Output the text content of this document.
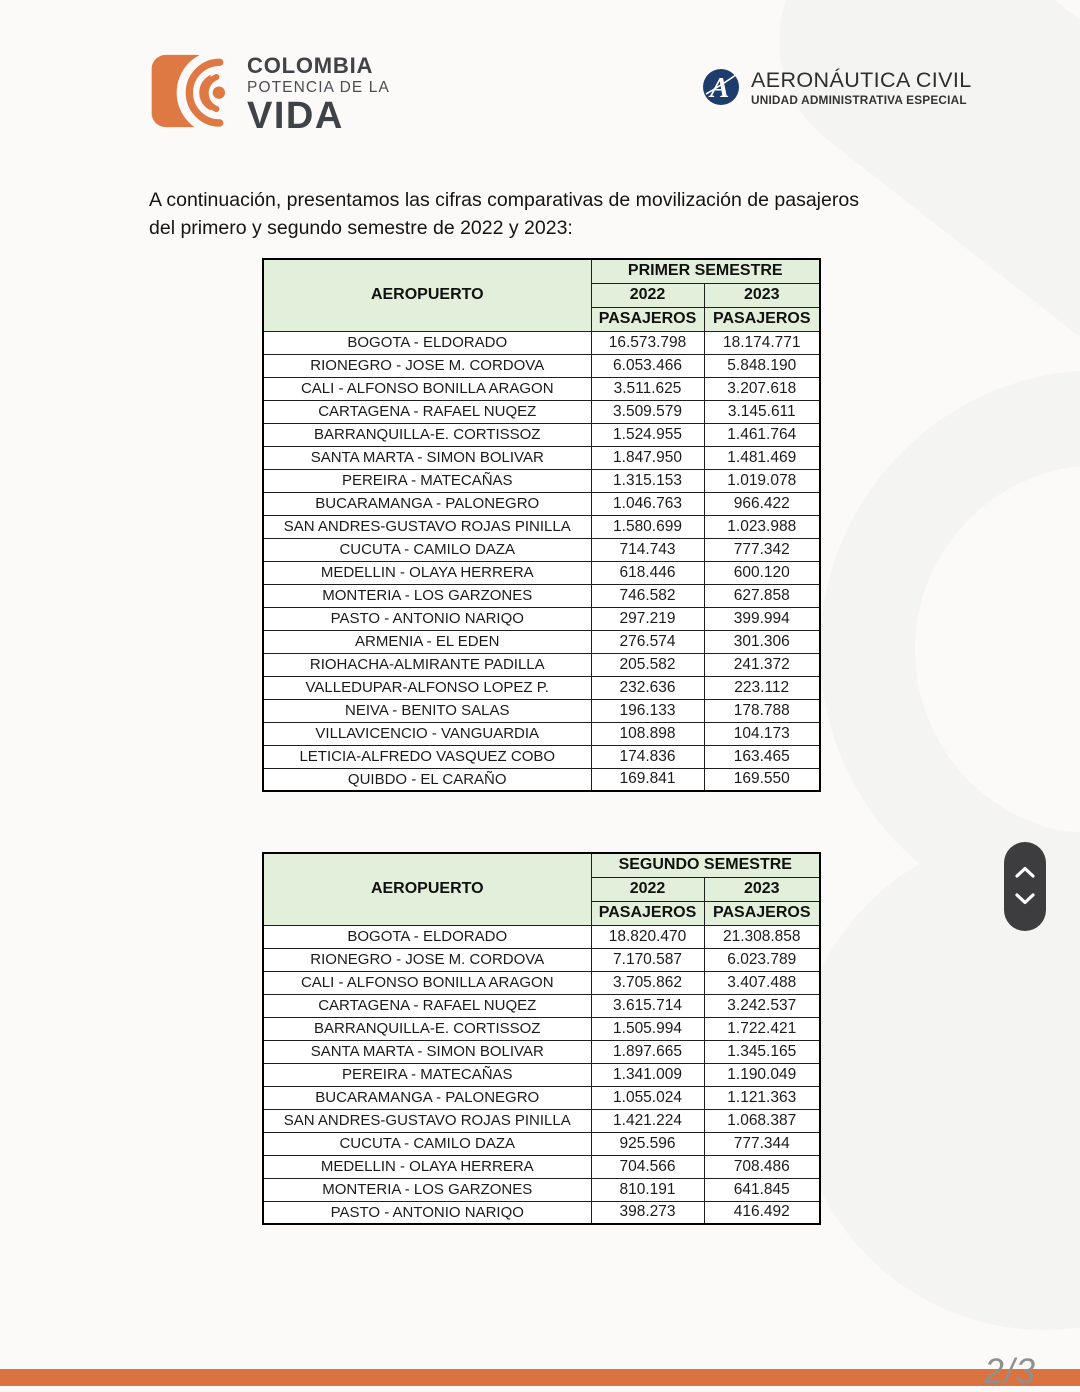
COLOMBIA
POTENCIA DE LA
VIDA
A AERONÁUTICA CIVIL
UNIDAD ADMINISTRATIVA ESPECIAL
A continuación, presentamos las cifras comparativas de movilización de pasajeros
del primero y segundo semestre de 2022 y 2023:
AEROPUERTO	PRIMER SEMESTRE	
	2022	2023
	PASAJEROS	PASAJEROS
BOGOTA - ELDORADO	16.573.798	18.174.771
RIONEGRO - JOSE M. CORDOVA	6.053.466	5.848.190
CALI - ALFONSO BONILLA ARAGON	3.511.625	3.207.618
CARTAGENA - RAFAEL NUQEZ	3.509.579	3.145.611
BARRANQUILLA-E. CORTISSOZ	1.524.955	1.461.764
SANTA MARTA - SIMON BOLIVAR	1.847.950	1.481.469
PEREIRA - MATECAÑAS	1.315.153	1.019.078
BUCARAMANGA - PALONEGRO	1.046.763	966.422
SAN ANDRES-GUSTAVO ROJAS PINILLA	1.580.699	1.023.988
CUCUTA - CAMILO DAZA	714.743	777.342
MEDELLIN - OLAYA HERRERA	618.446	600.120
MONTERIA - LOS GARZONES	746.582	627.858
PASTO - ANTONIO NARIQO	297.219	399.994
ARMENIA - EL EDEN	276.574	301.306
RIOHACHA-ALMIRANTE PADILLA	205.582	241.372
VALLEDUPAR-ALFONSO LOPEZ P.	232.636	223.112
NEIVA - BENITO SALAS	196.133	178.788
VILLAVICENCIO - VANGUARDIA	108.898	104.173
LETICIA-ALFREDO VASQUEZ COBO	174.836	163.465
QUIBDO - EL CARAÑO	169.841	169.550
AEROPUERTO	SEGUNDO SEMESTRE	
	2022	2023
	PASAJEROS	PASAJEROS
BOGOTA - ELDORADO	18.820.470	21.308.858
RIONEGRO - JOSE M. CORDOVA	7.170.587	6.023.789
CALI - ALFONSO BONILLA ARAGON	3.705.862	3.407.488
CARTAGENA - RAFAEL NUQEZ	3.615.714	3.242.537
BARRANQUILLA-E. CORTISSOZ	1.505.994	1.722.421
SANTA MARTA - SIMON BOLIVAR	1.897.665	1.345.165
PEREIRA - MATECAÑAS	1.341.009	1.190.049
BUCARAMANGA - PALONEGRO	1.055.024	1.121.363
SAN ANDRES-GUSTAVO ROJAS PINILLA	1.421.224	1.068.387
CUCUTA - CAMILO DAZA	925.596	777.344
MEDELLIN - OLAYA HERRERA	704.566	708.486
MONTERIA - LOS GARZONES	810.191	641.845
PASTO - ANTONIO NARIQO	398.273	416.492
2/3
